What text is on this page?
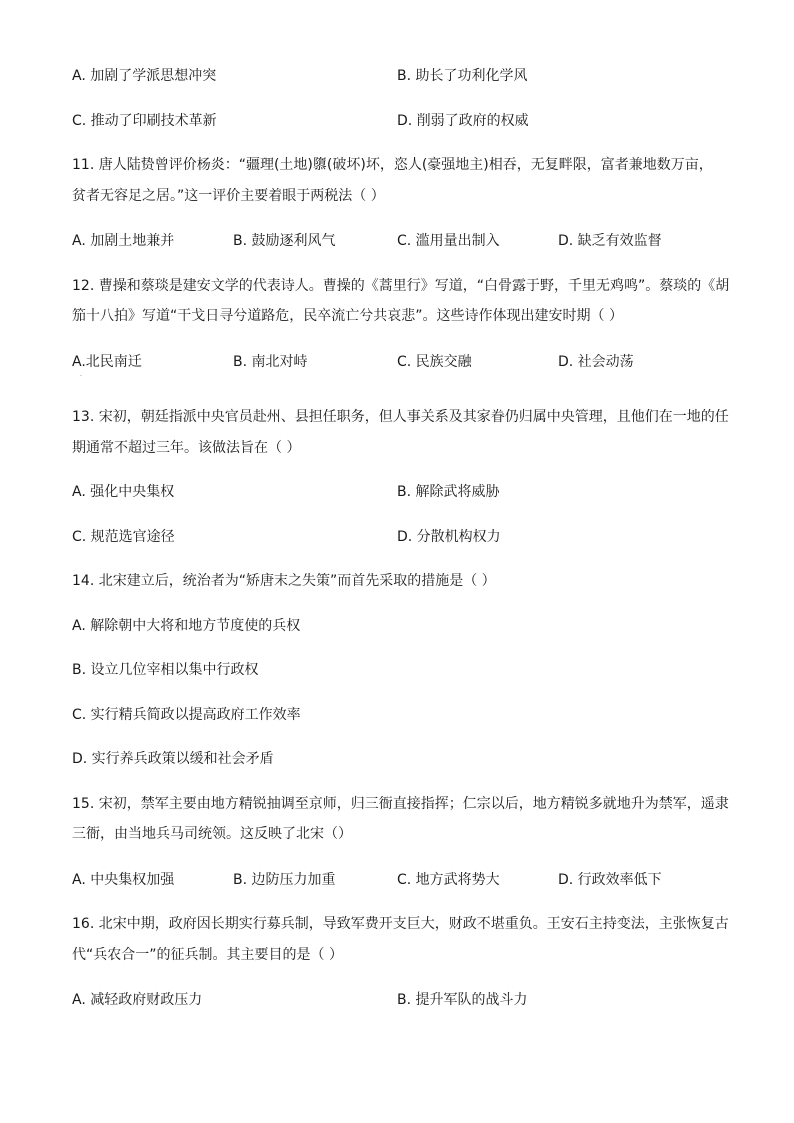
A. 加剧了学派思想冲突	B. 助长了功利化学风
C. 推动了印刷技术革新	D. 削弱了政府的权威
11. 唐人陆贽曾评价杨炎：“疆理(土地)隳(破坏)坏，恣人(豪强地主)相吞，无复畔限，富者兼地数万亩，
贫者无容足之居。”这一评价主要着眼于两税法（ ）
A. 加剧土地兼并	B. 鼓励逐利风气	C. 滥用量出制入	D. 缺乏有效监督
12. 曹操和蔡琰是建安文学的代表诗人。曹操的《蒿里行》写道，“白骨露于野，千里无鸡鸣”。蔡琰的《胡
笳十八拍》写道“干戈日寻兮道路危，民卒流亡兮共哀悲”。这些诗作体现出建安时期（ ）
A.北民南迁	B. 南北对峙	C. 民族交融	D. 社会动荡
·
13. 宋初，朝廷指派中央官员赴州、县担任职务，但人事关系及其家眷仍归属中央管理，且他们在一地的任
期通常不超过三年。该做法旨在（ ）
A. 强化中央集权	B. 解除武将威胁
C. 规范选官途径	D. 分散机构权力
14. 北宋建立后，统治者为“矫唐末之失策”而首先采取的措施是（ ）
A. 解除朝中大将和地方节度使的兵权
B. 设立几位宰相以集中行政权
C. 实行精兵简政以提高政府工作效率
D. 实行养兵政策以缓和社会矛盾
15. 宋初，禁军主要由地方精锐抽调至京师，归三衙直接指挥；仁宗以后，地方精锐多就地升为禁军，遥隶
三衙，由当地兵马司统领。这反映了北宋（）
A. 中央集权加强	B. 边防压力加重	C. 地方武将势大	D. 行政效率低下
16. 北宋中期，政府因长期实行募兵制，导致军费开支巨大，财政不堪重负。王安石主持变法，主张恢复古
代“兵农合一”的征兵制。其主要目的是（ ）
A. 减轻政府财政压力	B. 提升军队的战斗力
